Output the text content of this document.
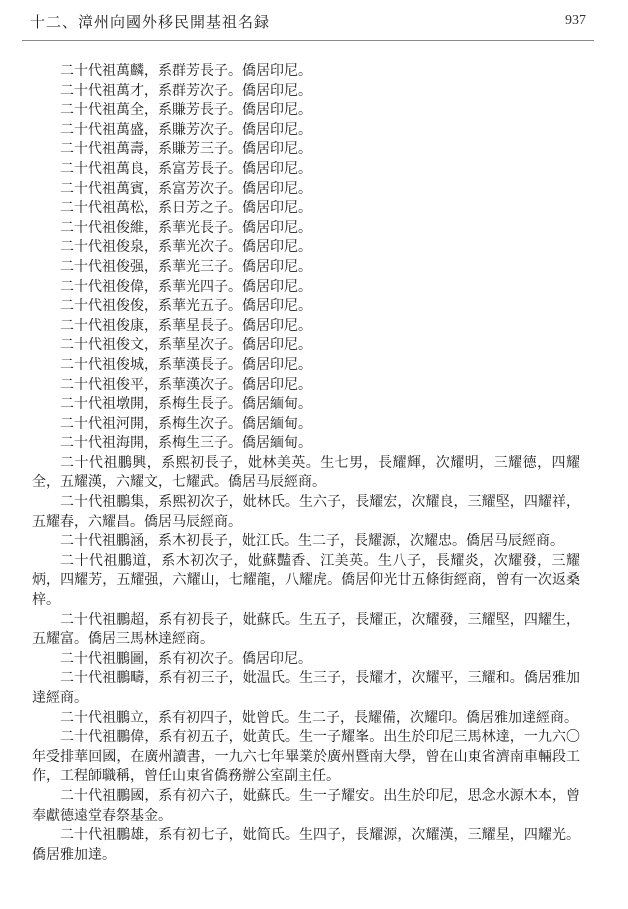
十二、漳州向國外移民開基祖名録	937

二十代祖萬麟，系群芳長子。僑居印尼。

二十代祖萬才，系群芳次子。僑居印尼。

二十代祖萬全，系賺芳長子。僑居印尼。

二十代祖萬盛，系賺芳次子。僑居印尼。

二十代祖萬壽，系賺芳三子。僑居印尼。

二十代祖萬良，系富芳長子。僑居印尼。

二十代祖萬賓，系富芳次子。僑居印尼。

二十代祖萬松，系日芳之子。僑居印尼。

二十代祖俊維，系華光長子。僑居印尼。

二十代祖俊泉，系華光次子。僑居印尼。

二十代祖俊强，系華光三子。僑居印尼。

二十代祖俊偉，系華光四子。僑居印尼。

二十代祖俊俊，系華光五子。僑居印尼。

二十代祖俊康，系華星長子。僑居印尼。

二十代祖俊文，系華星次子。僑居印尼。

二十代祖俊城，系華漢長子。僑居印尼。

二十代祖俊平，系華漢次子。僑居印尼。

二十代祖墩開，系梅生長子。僑居緬甸。

二十代祖河開，系梅生次子。僑居緬甸。

二十代祖海開，系梅生三子。僑居緬甸。

二十代祖鵬興，系熙初長子，妣林美英。生七男，長耀輝，次耀明，三耀德，四耀全，五耀漢，六耀文，七耀武。僑居马辰經商。

二十代祖鵬集，系熙初次子，妣林氏。生六子，長耀宏，次耀良，三耀堅，四耀祥，五耀春，六耀昌。僑居马辰經商。

二十代祖鵬涵，系木初長子，妣江氏。生二子，長耀源，次耀忠。僑居马辰經商。

二十代祖鵬道，系木初次子，妣蘇豔香、江美英。生八子，長耀炎，次耀發，三耀炳，四耀芳，五耀强，六耀山，七耀龍，八耀虎。僑居仰光廿五條街經商，曾有一次返桑梓。

二十代祖鵬超，系有初長子，妣蘇氏。生五子，長耀正，次耀發，三耀堅，四耀生，五耀富。僑居三馬林達經商。

二十代祖鵬圖，系有初次子。僑居印尼。

二十代祖鵬疇，系有初三子，妣温氏。生三子，長耀才，次耀平，三耀和。僑居雅加達經商。

二十代祖鵬立，系有初四子，妣曾氏。生二子，長耀備，次耀印。僑居雅加達經商。

二十代祖鵬偉，系有初五子，妣黄氏。生一子耀峯。出生於印尼三馬林達，一九六〇年受排華回國，在廣州讀書，一九六七年畢業於廣州暨南大學，曾在山東省濟南車輛段工作，工程師職稱，曾任山東省僑務辦公室副主任。

二十代祖鵬國，系有初六子，妣蘇氏。生一子耀安。出生於印尼，思念水源木本，曾奉獻德遠堂春祭基金。

二十代祖鵬雄，系有初七子，妣简氏。生四子，長耀源，次耀漢，三耀星，四耀光。僑居雅加達。
